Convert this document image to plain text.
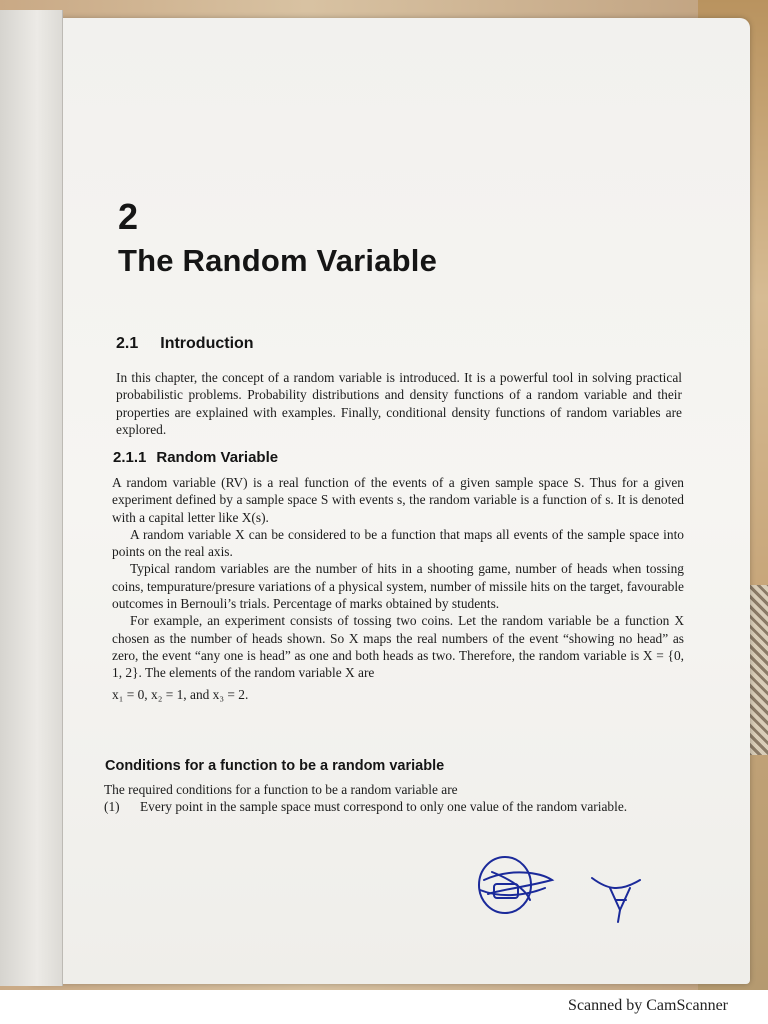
2
The Random Variable
2.1 Introduction

In this chapter, the concept of a random variable is introduced. It is a powerful tool in solving practical probabilistic problems. Probability distributions and density functions of a random variable and their properties are explained with examples. Finally, conditional density functions of random variables are explored.

2.1.1 Random Variable

A random variable (RV) is a real function of the events of a given sample space S. Thus for a given experiment defined by a sample space S with events s, the random variable is a function of s. It is denoted with a capital letter like X(s).

A random variable X can be considered to be a function that maps all events of the sample space into points on the real axis.

Typical random variables are the number of hits in a shooting game, number of heads when tossing coins, tempurature/presure variations of a physical system, number of missile hits on the target, favourable outcomes in Bernouli’s trials. Percentage of marks obtained by students.

For example, an experiment consists of tossing two coins. Let the random variable be a function X chosen as the number of heads shown. So X maps the real numbers of the event “showing no head” as zero, the event “any one is head” as one and both heads as two. Therefore, the random variable is X = {0, 1, 2}. The elements of the random variable X are

x₁ = 0, x₂ = 1, and x₃ = 2.

Conditions for a function to be a random variable

The required conditions for a function to be a random variable are

(1)	Every point in the sample space must correspond to only one value of the random variable.
Scanned by CamScanner
